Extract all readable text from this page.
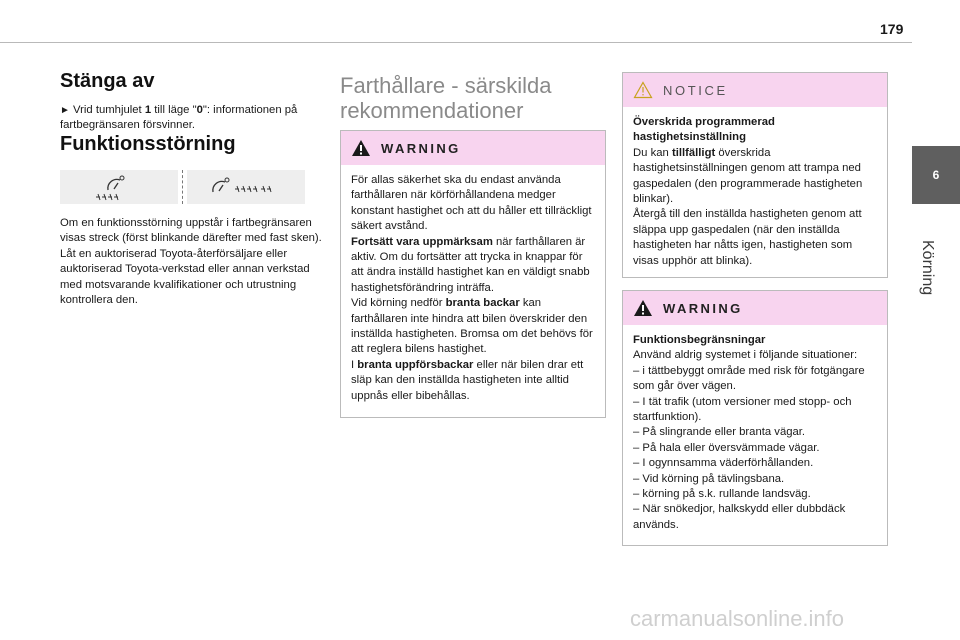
179
6
Körning
Stänga av
► Vrid tumhjulet 1 till läge "0": informationen på fartbegränsaren försvinner.
Funktionsstörning
Om en funktionsstörning uppstår i fartbegränsaren visas streck (först blinkande därefter med fast sken).
Låt en auktoriserad Toyota-återförsäljare eller auktoriserad Toyota-verkstad eller annan verkstad med motsvarande kvalifikationer och utrustning kontrollera den.
Farthållare - särskilda
rekommendationer
WARNING
För allas säkerhet ska du endast använda farthållaren när körförhållandena medger konstant hastighet och att du håller ett tillräckligt säkert avstånd.
Fortsätt vara uppmärksam när farthållaren är aktiv. Om du fortsätter att trycka in knappar för att ändra inställd hastighet kan en väldigt snabb hastighetsförändring inträffa.
Vid körning nedför branta backar kan farthållaren inte hindra att bilen överskrider den inställda hastigheten. Bromsa om det behövs för att reglera bilens hastighet.
I branta uppförsbackar eller när bilen drar ett släp kan den inställda hastigheten inte alltid uppnås eller bibehållas.
NOTICE
Överskrida programmerad hastighetsinställning
Du kan tillfälligt överskrida hastighetsinställningen genom att trampa ned gaspedalen (den programmerade hastigheten blinkar).
Återgå till den inställda hastigheten genom att släppa upp gaspedalen (när den inställda hastigheten har nåtts igen, hastigheten som visas upphör att blinka).
WARNING
Funktionsbegränsningar
Använd aldrig systemet i följande situationer:
– i tättbebyggt område med risk för fotgängare som går över vägen.
– I tät trafik (utom versioner med stopp- och startfunktion).
– På slingrande eller branta vägar.
– På hala eller översvämmade vägar.
– I ogynnsamma väderförhållanden.
– Vid körning på tävlingsbana.
– körning på s.k. rullande landsväg.
– När snökedjor, halkskydd eller dubbdäck används.
carmanualsonline.info
